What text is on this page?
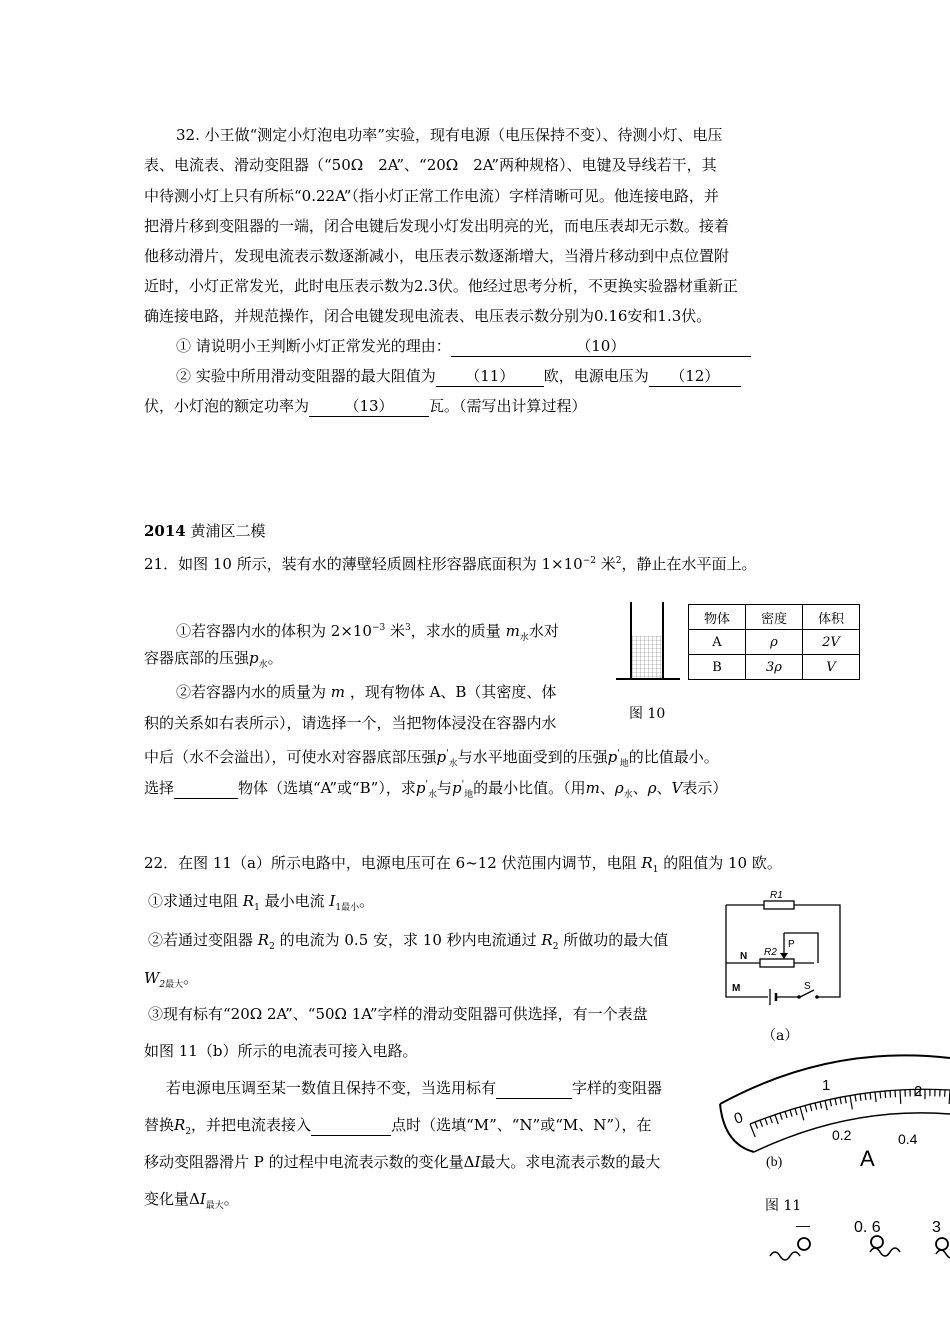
32. 小王做“测定小灯泡电功率”实验，现有电源（电压保持不变）、待测小灯、电压
表、电流表、滑动变阻器（“50Ω　2A”、“20Ω　2A”两种规格）、电键及导线若干，其
中待测小灯上只有所标“0.22A”（指小灯正常工作电流）字样清晰可见。他连接电路，并
把滑片移到变阻器的一端，闭合电键后发现小灯发出明亮的光，而电压表却无示数。接着
他移动滑片，发现电流表示数逐渐减小，电压表示数逐渐增大，当滑片移动到中点位置附
近时，小灯正常发光，此时电压表示数为2.3伏。他经过思考分析，不更换实验器材重新正
确连接电路，并规范操作，闭合电键发现电流表、电压表示数分别为0.16安和1.3伏。
① 请说明小王判断小灯正常发光的理由：	（10）
② 实验中所用滑动变阻器的最大阻值为 （11） 欧，电源电压为 （12）
伏，小灯泡的额定功率为 （13） 瓦。（需写出计算过程）
2014 黄浦区二模
21．如图 10 所示，装有水的薄壁轻质圆柱形容器底面积为 $1\times 10^{-2}$ 米$^2$，静止在水平面上。
①若容器内水的体积为 $2\times 10^{-3}$ 米$^3$，求水的质量 $m_水$水对
容器底部的压强$p_水$。
②若容器内水的质量为 m ，现有物体 A、B（其密度、体
积的关系如右表所示），请选择一个，当把物体浸没在容器内水
中后（水不会溢出），可使水对容器底部压强$p'_水$与水平地面受到的压强$p'_地$的比值最小。
选择	物体（选填“A”或“B”），求$p'_水$与$p'_地$的最小比值。（用m、$\rho_水$、ρ、V表示）
物体	密度	体积
A	ρ	2V
B	3ρ	V
图 10
22．在图 11（a）所示电路中，电源电压可在 6~12 伏范围内调节，电阻 $R_1$ 的阻值为 10 欧。
①求通过电阻 $R_1$ 最小电流 $I_{1最小}$。
②若通过变阻器 $R_2$ 的电流为 0.5 安，求 10 秒内电流通过 $R_2$ 所做功的最大值
$W_{2最大}$。
③现有标有“20Ω 2A”、“50Ω 1A”字样的滑动变阻器可供选择，有一个表盘
如图 11（b）所示的电流表可接入电路。
若电源电压调至某一数值且保持不变，当选用标有	字样的变阻器
替换$R_2$，并把电流表接入	点时（选填“M”、“N”或“M、N”），在
移动变阻器滑片 P 的过程中电流表示数的变化量ΔI最大。求电流表示数的最大
变化量$\Delta I_{最大}$。
R1
R2
P
N
M	S
（a）
0
1	2
0.2	0.4
A
(b)
—	0. 6	3
图 11
